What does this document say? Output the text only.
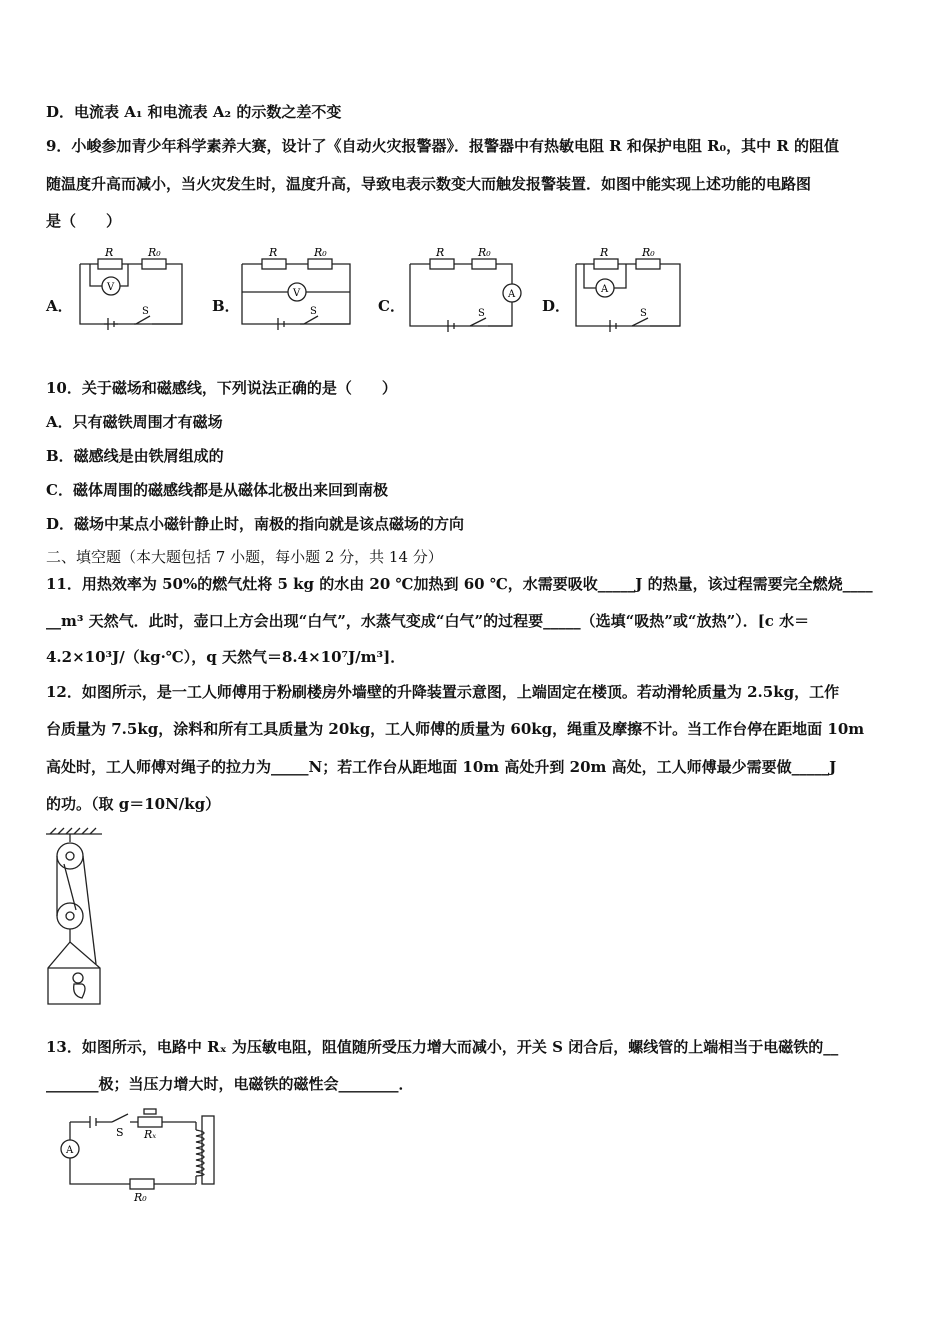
D．电流表 A₁ 和电流表 A₂ 的示数之差不变
9．小峻参加青少年科学素养大赛，设计了《自动火灾报警器》．报警器中有热敏电阻 R 和保护电阻 R₀，其中 R 的阻值
随温度升高而减小，当火灾发生时，温度升高，导致电表示数变大而触发报警装置．如图中能实现上述功能的电路图
是（　　）
A．	B．	C．	D．
R	R₀
V
S
R	R₀
V
S
R	R₀
A
S
R	R₀
A
S
10．关于磁场和磁感线，下列说法正确的是（　　）
A．只有磁铁周围才有磁场
B．磁感线是由铁屑组成的
C．磁体周围的磁感线都是从磁体北极出来回到南极
D．磁场中某点小磁针静止时，南极的指向就是该点磁场的方向
二、填空题（本大题包括 7 小题，每小题 2 分，共 14 分）
11．用热效率为 50%的燃气灶将 5 kg 的水由 20 ℃加热到 60 ℃，水需要吸收_____J 的热量，该过程需要完全燃烧____
__m³ 天然气．此时，壶口上方会出现“白气”，水蒸气变成“白气”的过程要_____（选填“吸热”或“放热”）．[c 水＝
4.2×10³J/（kg·℃），q 天然气＝8.4×10⁷J/m³]．
12．如图所示，是一工人师傅用于粉刷楼房外墙壁的升降装置示意图，上端固定在楼顶。若动滑轮质量为 2.5kg，工作
台质量为 7.5kg，涂料和所有工具质量为 20kg，工人师傅的质量为 60kg，绳重及摩擦不计。当工作台停在距地面 10m
高处时，工人师傅对绳子的拉力为_____N；若工作台从距地面 10m 高处升到 20m 高处，工人师傅最少需要做_____J
的功。（取 g＝10N/kg）
13．如图所示，电路中 Rₓ 为压敏电阻，阻值随所受压力增大而减小，开关 S 闭合后，螺线管的上端相当于电磁铁的__
_______极；当压力增大时，电磁铁的磁性会________．
A
S Rₓ
R₀
